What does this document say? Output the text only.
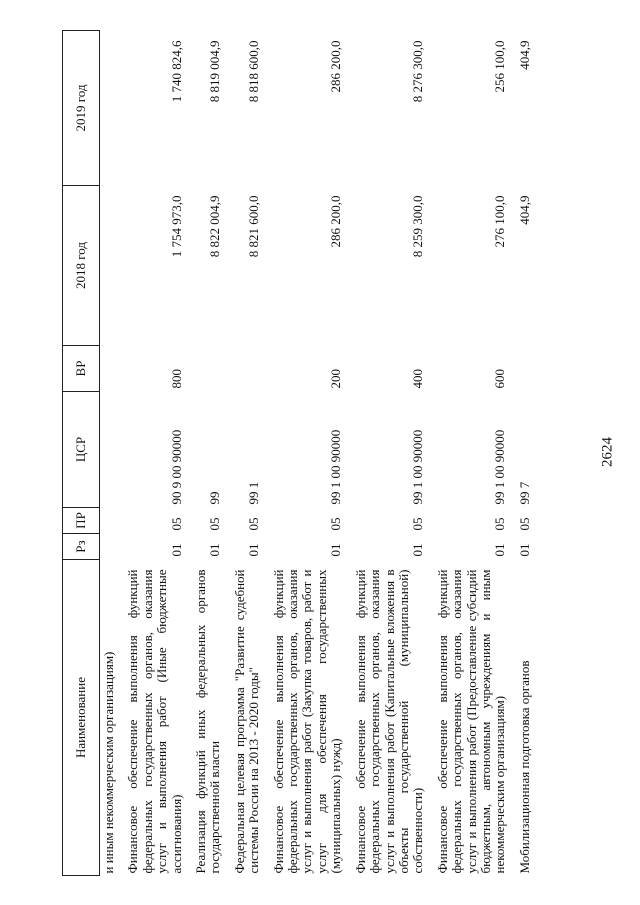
2624
Наименование	Рз	ПР	ЦСР	ВР	2018 год	2019 год
и иным некоммерческим организациям)						
Финансовое обеспечение выполнения функций федеральных государственных органов, оказания услуг и выполнения работ (Иные бюджетные ассигнования)	01	05	90 9 00 90000	800	1 754 973,0	1 740 824,6
Реализация функций иных федеральных органов государственной власти	01	05	99		8 822 004,9	8 819 004,9
Федеральная целевая программа "Развитие судебной системы России на 2013 - 2020 годы"	01	05	99 1		8 821 600,0	8 818 600,0
Финансовое обеспечение выполнения функций федеральных государственных органов, оказания услуг и выполнения работ (Закупка товаров, работ и услуг для обеспечения государственных (муниципальных) нужд)	01	05	99 1 00 90000	200	286 200,0	286 200,0
Финансовое обеспечение выполнения функций федеральных государственных органов, оказания услуг и выполнения работ (Капитальные вложения в объекты государственной (муниципальной) собственности)	01	05	99 1 00 90000	400	8 259 300,0	8 276 300,0
Финансовое обеспечение выполнения функций федеральных государственных органов, оказания услуг и выполнения работ (Предоставление субсидий бюджетным, автономным учреждениям и иным некоммерческим организациям)	01	05	99 1 00 90000	600	276 100,0	256 100,0
Мобилизационная подготовка органов	01	05	99 7		404,9	404,9
